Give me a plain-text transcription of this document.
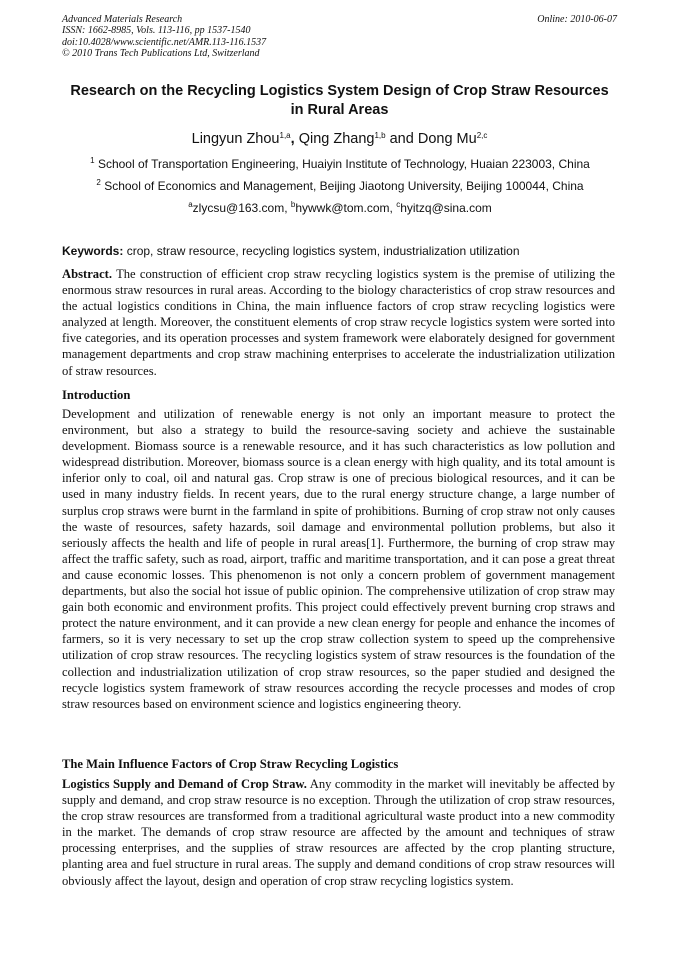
Advanced Materials Research
ISSN: 1662-8985, Vols. 113-116, pp 1537-1540
doi:10.4028/www.scientific.net/AMR.113-116.1537
© 2010 Trans Tech Publications Ltd, Switzerland
Online: 2010-06-07
Research on the Recycling Logistics System Design of Crop Straw Resources in Rural Areas
Lingyun Zhou$^{1,a}$, Qing Zhang$^{1,b}$ and Dong Mu$^{2,c}$
$^1$ School of Transportation Engineering, Huaiyin Institute of Technology, Huaian 223003, China
$^2$ School of Economics and Management, Beijing Jiaotong University, Beijing 100044, China
$^a$zlycsu@163.com, $^b$hywwk@tom.com, $^c$hyitzq@sina.com
Keywords: crop, straw resource, recycling logistics system, industrialization utilization
Abstract. The construction of efficient crop straw recycling logistics system is the premise of utilizing the enormous straw resources in rural areas. According to the biology characteristics of crop straw resources and the actual logistics conditions in China, the main influence factors of crop straw recycling logistics were analyzed at length. Moreover, the constituent elements of crop straw recycle logistics system were sorted into five categories, and its operation processes and system framework were elaborately designed for government management departments and crop straw machining enterprises to accelerate the industrialization utilization of straw resources.
Introduction
Development and utilization of renewable energy is not only an important measure to protect the environment, but also a strategy to build the resource-saving society and achieve the sustainable development. Biomass source is a renewable resource, and it has such characteristics as low pollution and widespread distribution. Moreover, biomass source is a clean energy with high quality, and its total amount is inferior only to coal, oil and natural gas. Crop straw is one of precious biological resources, and it can be used in many industry fields. In recent years, due to the rural energy structure change, a large number of surplus crop straws were burnt in the farmland in spite of prohibitions. Burning of crop straw not only causes the waste of resources, safety hazards, soil damage and environmental pollution problems, but also it seriously affects the health and life of people in rural areas[1]. Furthermore, the burning of crop straw may affect the traffic safety, such as road, airport, traffic and maritime transportation, and it can pose a great threat and cause economic losses. This phenomenon is not only a concern problem of government management departments, but also the social hot issue of public opinion. The comprehensive utilization of crop straw may gain both economic and environment profits. This project could effectively prevent burning crop straws and protect the nature environment, and it can provide a new clean energy for people and enhance the incomes of farmers, so it is very necessary to set up the crop straw collection system to speed up the comprehensive utilization of crop straw resources. The recycling logistics system of straw resources is the foundation of the collection and industrialization utilization of crop straw resources, so the paper studied and designed the recycle logistics system framework of straw resources according the recycle processes and modes of crop straw resources based on environment science and logistics engineering theory.
The Main Influence Factors of Crop Straw Recycling Logistics
Logistics Supply and Demand of Crop Straw. Any commodity in the market will inevitably be affected by supply and demand, and crop straw resource is no exception. Through the utilization of crop straw resources, the crop straw resources are transformed from a traditional agricultural waste product into a new commodity in the market. The demands of crop straw resource are affected by the amount and techniques of straw processing enterprises, and the supplies of straw resources are affected by the crop planting structure, planting area and fuel structure in rural areas. The supply and demand conditions of crop straw resources will obviously affect the layout, design and operation of crop straw recycling logistics system.
